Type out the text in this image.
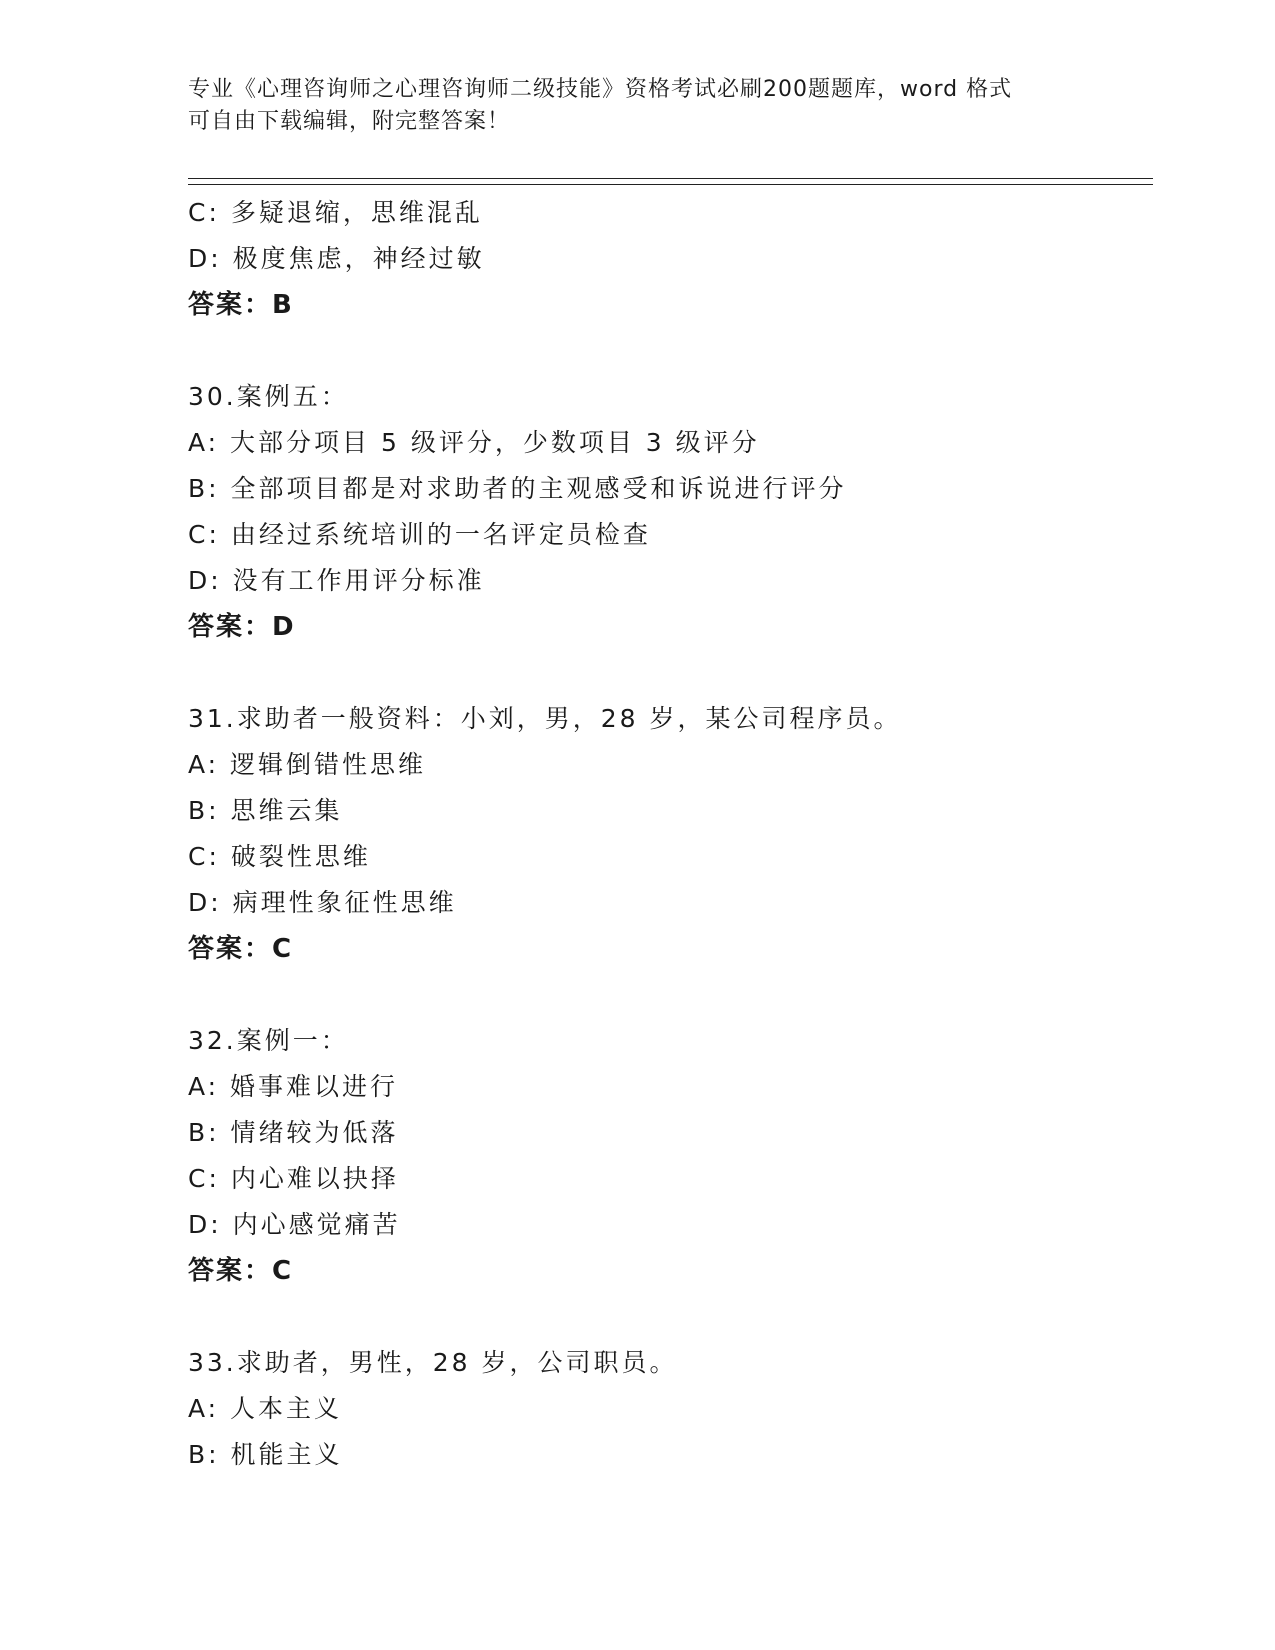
专业《心理咨询师之心理咨询师二级技能》资格考试必刷200题题库，word 格式
可自由下载编辑，附完整答案！
C: 多疑退缩，思维混乱
D: 极度焦虑，神经过敏
答案：B
30.案例五：
A: 大部分项目 5 级评分，少数项目 3 级评分
B: 全部项目都是对求助者的主观感受和诉说进行评分
C: 由经过系统培训的一名评定员检查
D: 没有工作用评分标准
答案：D
31.求助者一般资料：小刘，男，28 岁，某公司程序员。
A: 逻辑倒错性思维
B: 思维云集
C: 破裂性思维
D: 病理性象征性思维
答案：C
32.案例一：
A: 婚事难以进行
B: 情绪较为低落
C: 内心难以抉择
D: 内心感觉痛苦
答案：C
33.求助者，男性，28 岁，公司职员。
A: 人本主义
B: 机能主义
